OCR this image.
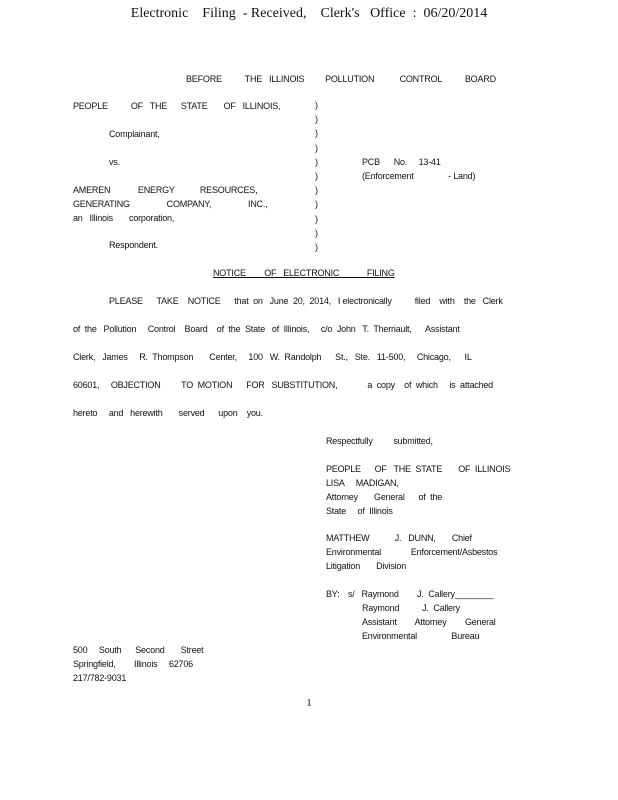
Electronic    Filing  - Received,    Clerk's   Office  :  06/20/2014
BEFORE          THE   ILLINOIS         POLLUTION           CONTROL          BOARD
PEOPLE          OF   THE      STATE       OF   ILLINOIS,
Complainant,
vs.
AMEREN            ENERGY           RESOURCES,
GENERATING                COMPANY,                INC.,
an   Illinois       corporation,
Respondent.
)
)
)
)
)
)
)
)
)
)
)
PCB      No.     13-41
(Enforcement               - Land)
NOTICE        OF   ELECTRONIC            FILING
PLEASE      TAKE    NOTICE      that  on   June  20,  2014,   I electronically          filed    with    the   Clerk
of  the   Pollution     Control    Board    of  the  State   of  Illinois,     c/o  John   T.  Therriault,      Assistant
Clerk,   James     R.  Thompson       Center,     100   W.  Randolph      St.,   Ste.   11-500,     Chicago,      IL
60601,     OBJECTION         TO  MOTION      FOR   SUBSTITUTION,             a  copy    of  which     is  attached
hereto     and   herewith       served      upon    you.
Respectfully         submitted,
PEOPLE      OF   THE  STATE       OF  ILLINOIS
LISA     MADIGAN,
Attorney       General      of  the
State     of  Illinois
MATTHEW           J.   DUNN,       Chief
Environmental             Enforcement/Asbestos
Litigation       Division
BY: s/   Raymond        J.  Callery________
Raymond          J.  Callery
Assistant        Attorney        General
Environmental               Bureau
500     South      Second       Street
Springfield,        Illinois     62706
217/782-9031
1
